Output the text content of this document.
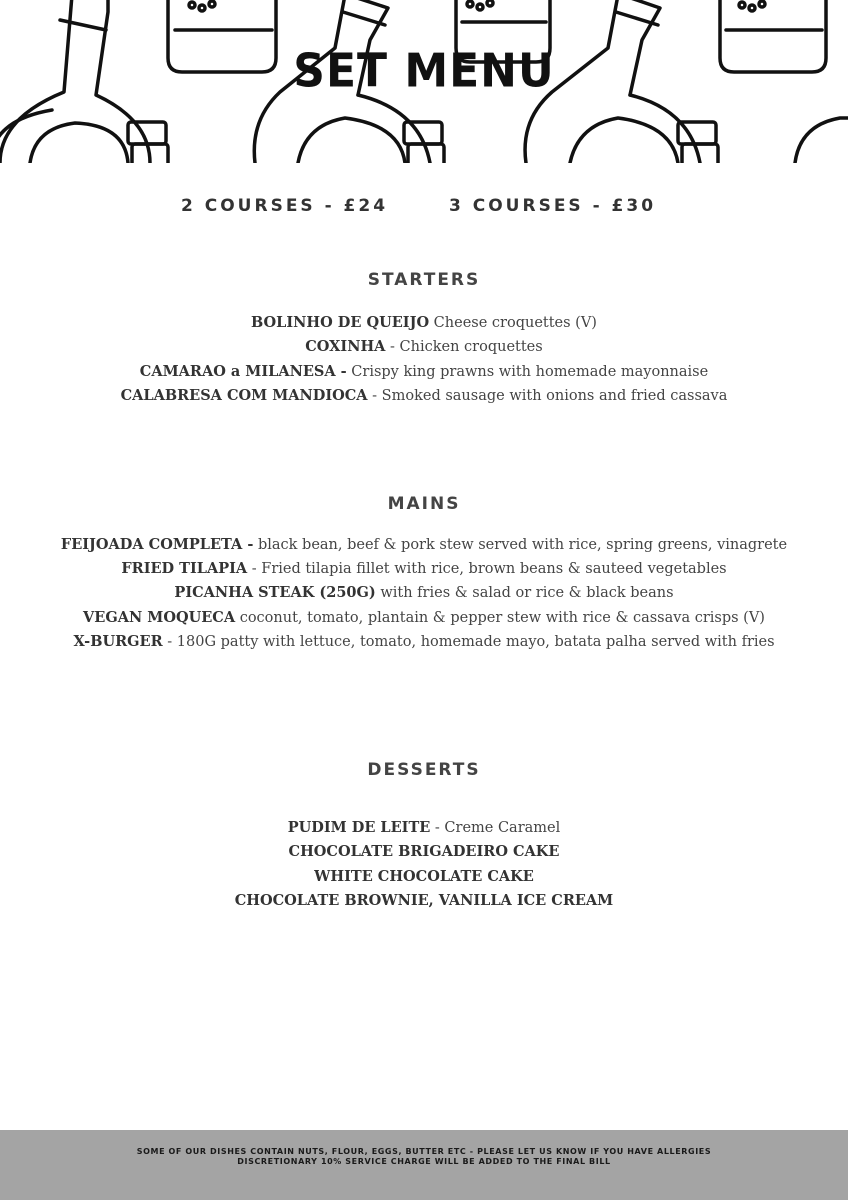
SET MENU
2 COURSES - £24	3 COURSES - £30
STARTERS
BOLINHO DE QUEIJO Cheese croquettes (V)
COXINHA - Chicken croquettes
CAMARAO a MILANESA - Crispy king prawns with homemade mayonnaise
CALABRESA COM MANDIOCA - Smoked sausage with onions and fried cassava
MAINS
FEIJOADA COMPLETA - black bean, beef & pork stew served with rice, spring greens, vinagrete
FRIED TILAPIA - Fried tilapia fillet with rice, brown beans & sauteed vegetables
PICANHA STEAK (250G) with fries & salad or rice & black beans
VEGAN MOQUECA coconut, tomato, plantain & pepper stew with rice & cassava crisps (V)
X-BURGER - 180G patty with lettuce, tomato, homemade mayo, batata palha served with fries
DESSERTS
PUDIM DE LEITE - Creme Caramel
CHOCOLATE BRIGADEIRO CAKE
WHITE CHOCOLATE CAKE
CHOCOLATE BROWNIE, VANILLA ICE CREAM
SOME OF OUR DISHES CONTAIN NUTS, FLOUR, EGGS, BUTTER ETC - PLEASE LET US KNOW IF YOU HAVE ALLERGIES
DISCRETIONARY 10% SERVICE CHARGE WILL BE ADDED TO THE FINAL BILL
